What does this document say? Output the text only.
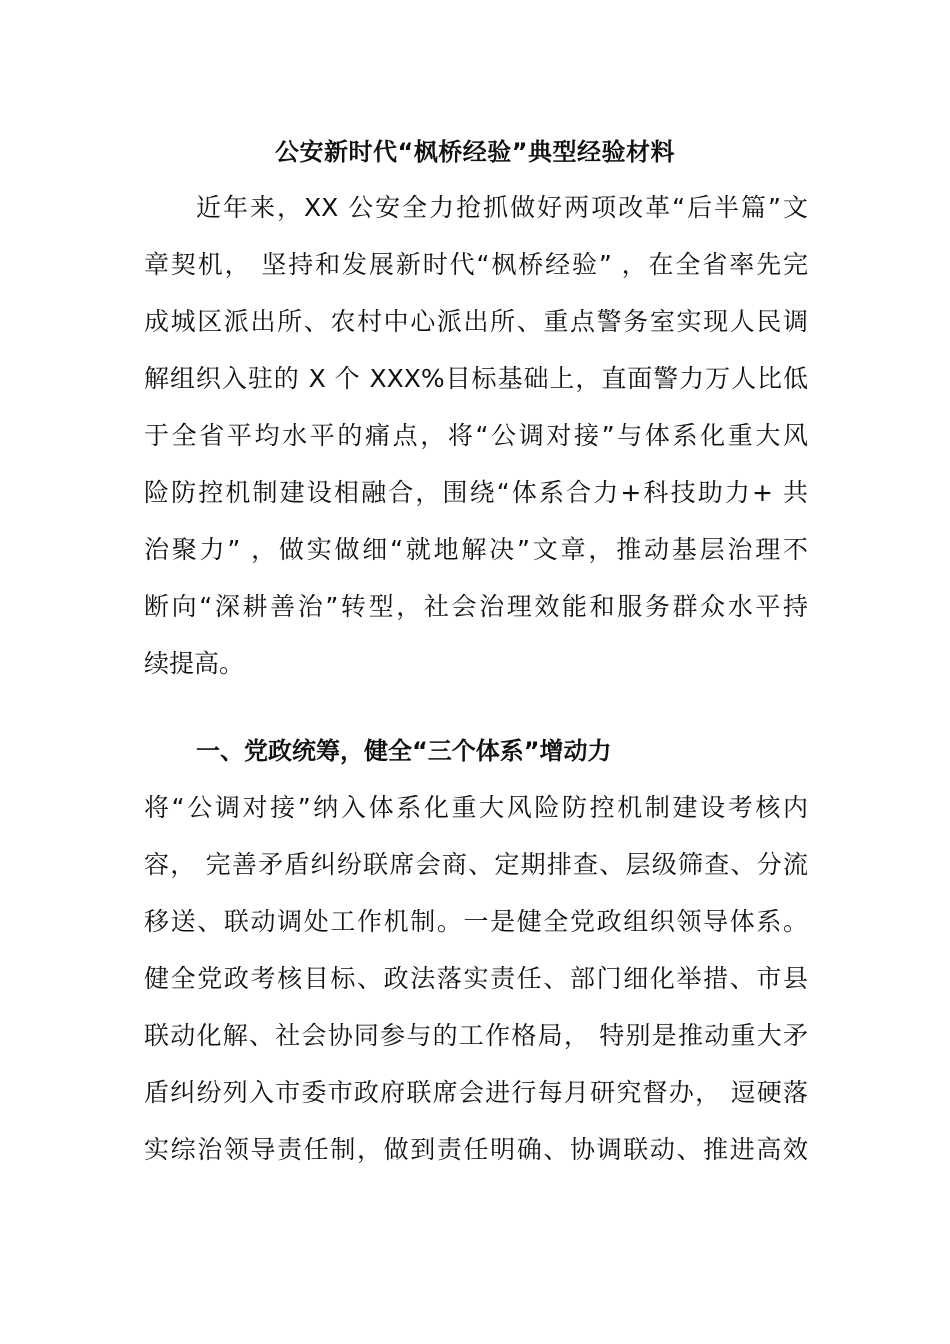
公安新时代“枫桥经验”典型经验材料
近年来，XX 公安全力抢抓做好两项改革“后半篇”文
章契机， 坚持和发展新时代“枫桥经验” ，在全省率先完
成城区派出所、农村中心派出所、重点警务室实现人民调
解组织入驻的 X 个 XXX%目标基础上，直面警力万人比低
于全省平均水平的痛点，将“公调对接”与体系化重大风
险防控机制建设相融合，围绕“体系合力+科技助力+ 共
治聚力” ，做实做细“就地解决”文章，推动基层治理不
断向“深耕善治”转型，社会治理效能和服务群众水平持
续提高。
一、党政统筹，健全“三个体系”增动力
将“公调对接”纳入体系化重大风险防控机制建设考核内
容， 完善矛盾纠纷联席会商、定期排查、层级筛查、分流
移送、联动调处工作机制。一是健全党政组织领导体系。
健全党政考核目标、政法落实责任、部门细化举措、市县
联动化解、社会协同参与的工作格局， 特别是推动重大矛
盾纠纷列入市委市政府联席会进行每月研究督办， 逗硬落
实综治领导责任制，做到责任明确、协调联动、推进高效
